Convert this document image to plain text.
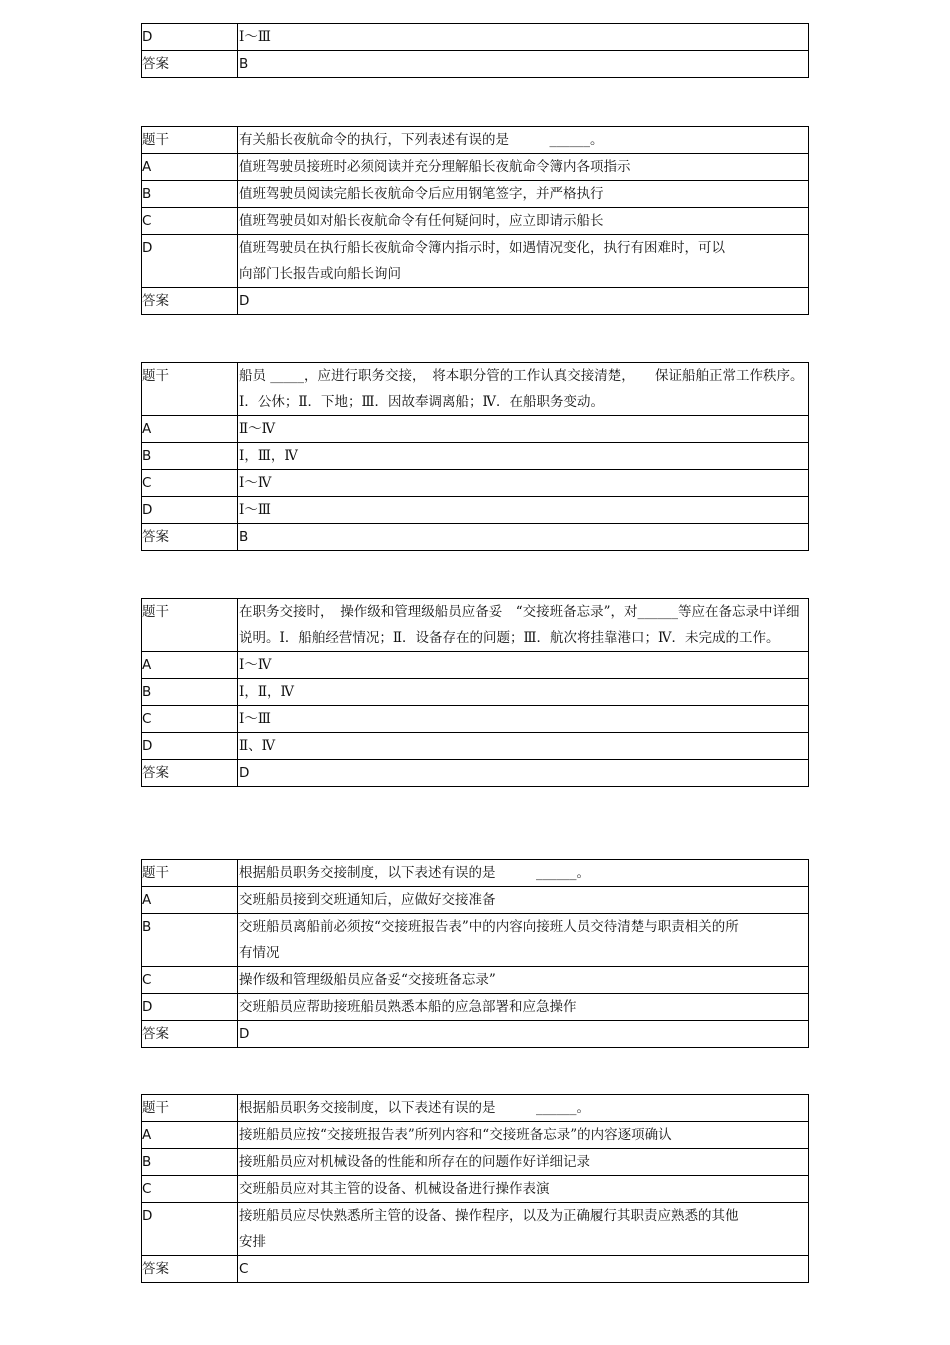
D	Ⅰ～Ⅲ
答案	B
题干	有关船长夜航命令的执行，下列表述有误的是　　　______。
A	值班驾驶员接班时必须阅读并充分理解船长夜航命令簿内各项指示
B	值班驾驶员阅读完船长夜航命令后应用钢笔签字，并严格执行
C	值班驾驶员如对船长夜航命令有任何疑问时，应立即请示船长
D	值班驾驶员在执行船长夜航命令簿内指示时，如遇情况变化，执行有困难时，可以向部门长报告或向船长询问
答案	D
题干	船员 _____，应进行职务交接，　将本职分管的工作认真交接清楚，　　保证船舶正常工作秩序。Ⅰ．公休；Ⅱ．下地；Ⅲ．因故奉调离船；Ⅳ．在船职务变动。
A	Ⅱ～Ⅳ
B	Ⅰ，Ⅲ，Ⅳ
C	Ⅰ～Ⅳ
D	Ⅰ～Ⅲ
答案	B
题干	在职务交接时，　操作级和管理级船员应备妥　“交接班备忘录”，对______等应在备忘录中详细说明。Ⅰ．船舶经营情况；Ⅱ．设备存在的问题；Ⅲ．航次将挂靠港口；Ⅳ．未完成的工作。
A	Ⅰ～Ⅳ
B	Ⅰ，Ⅱ，Ⅳ
C	Ⅰ～Ⅲ
D	Ⅱ、Ⅳ
答案	D
题干	根据船员职务交接制度，以下表述有误的是　　　______。
A	交班船员接到交班通知后，应做好交接准备
B	交班船员离船前必须按“交接班报告表”中的内容向接班人员交待清楚与职责相关的所有情况
C	操作级和管理级船员应备妥“交接班备忘录”
D	交班船员应帮助接班船员熟悉本船的应急部署和应急操作
答案	D
题干	根据船员职务交接制度，以下表述有误的是　　　______。
A	接班船员应按“交接班报告表”所列内容和“交接班备忘录”的内容逐项确认
B	接班船员应对机械设备的性能和所存在的问题作好详细记录
C	交班船员应对其主管的设备、机械设备进行操作表演
D	接班船员应尽快熟悉所主管的设备、操作程序，以及为正确履行其职责应熟悉的其他安排
答案	C
